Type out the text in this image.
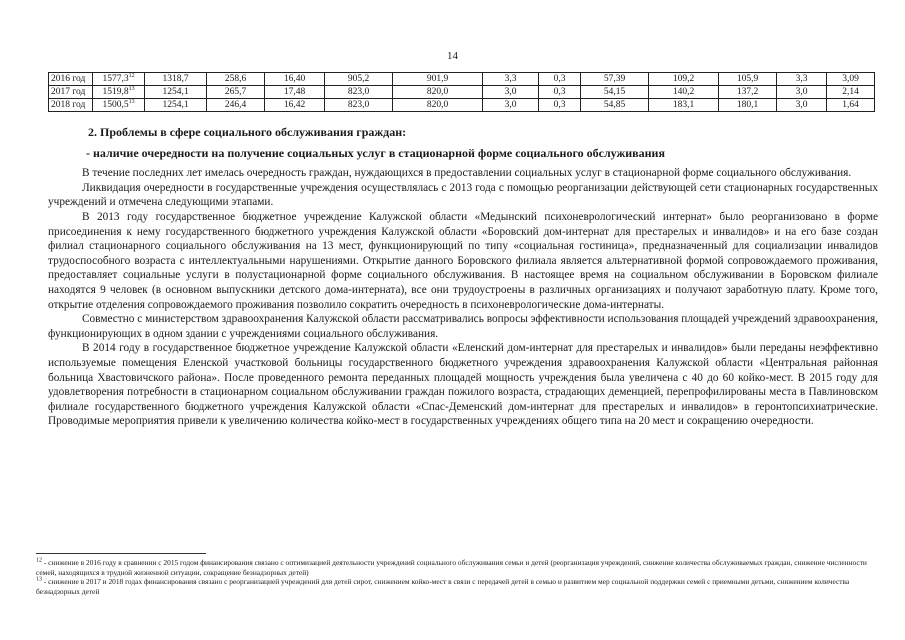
14
2016 год	1577,3$^{12}$	1318,7	258,6	16,40	905,2	901,9	3,3	0,3	57,39	109,2	105,9	3,3	3,09	
2017 год	1519,8$^{13}$	1254,1	265,7	17,48	823,0	820,0	3,0	0,3	54,15	140,2	137,2	3,0	2,14	
2018 год	1500,5$^{13}$	1254,1	246,4	16,42	823,0	820,0	3,0	0,3	54,85	183,1	180,1	3,0	1,64	

2. Проблемы в сфере социального обслуживания граждан:

- наличие очередности на получение социальных услуг в стационарной форме социального обслуживания

В течение последних лет имелась очередность граждан, нуждающихся в предоставлении социальных услуг в стационарной форме социального обслуживания.

Ликвидация очередности в государственные учреждения осуществлялась с 2013 года с помощью реорганизации действующей сети стационарных государственных учреждений и отмечена следующими этапами.

В 2013 году государственное бюджетное учреждение Калужской области «Медынский психоневрологический интернат» было реорганизовано в форме присоединения к нему государственного бюджетного учреждения Калужской области «Боровский дом-интернат для престарелых и инвалидов» и на его базе создан филиал стационарного социального обслуживания на 13 мест, функционирующий по типу «социальная гостиница», предназначенный для социализации инвалидов трудоспособного возраста с интеллектуальными нарушениями. Открытие данного Боровского филиала является альтернативной формой сопровождаемого проживания, предоставляет социальные услуги в полустационарной форме социального обслуживания. В настоящее время на социальном обслуживании в Боровском филиале находятся 9 человек (в основном выпускники детского дома-интерната), все они трудоустроены в различных организациях и получают заработную плату. Кроме того, открытие отделения сопровождаемого проживания позволило сократить очередность в психоневрологические дома-интернаты.

Совместно с министерством здравоохранения Калужской области рассматривались вопросы эффективности использования площадей учреждений здравоохранения, функционирующих в одном здании с учреждениями социального обслуживания.

В 2014 году в государственное бюджетное учреждение Калужской области «Еленский дом-интернат для престарелых и инвалидов» были переданы неэффективно используемые помещения Еленской участковой больницы государственного бюджетного учреждения здравоохранения Калужской области «Центральная районная больница Хвастовичского района». После проведенного ремонта переданных площадей мощность учреждения была увеличена с 40 до 60 койко-мест. В 2015 году для удовлетворения потребности в стационарном социальном обслуживании граждан пожилого возраста, страдающих деменцией, перепрофилированы места в Павлиновском филиале государственного бюджетного учреждения Калужской области «Спас-Деменский дом-интернат для престарелых и инвалидов» в геронтопсихиатрические. Проводимые мероприятия привели к увеличению количества койко-мест в государственных учреждениях общего типа на 20 мест и сокращению очередности.

$^{12}$ - снижение в 2016 году в сравнении с 2015 годом финансирования связано с оптимизацией деятельности учреждений социального обслуживания семьи и детей (реорганизация учреждений, снижение количества обслуживаемых граждан, снижение численности семей, находящихся в трудной жизненной ситуации, сокращение безнадзорных детей)

$^{13}$ - снижение в 2017 и 2018 годах финансирования связано с реорганизацией учреждений для детей сирот, снижением койко-мест в связи с передачей детей в семью и развитием мер социальной поддержки семей с приемными детьми, снижением количества безнадзорных детей
